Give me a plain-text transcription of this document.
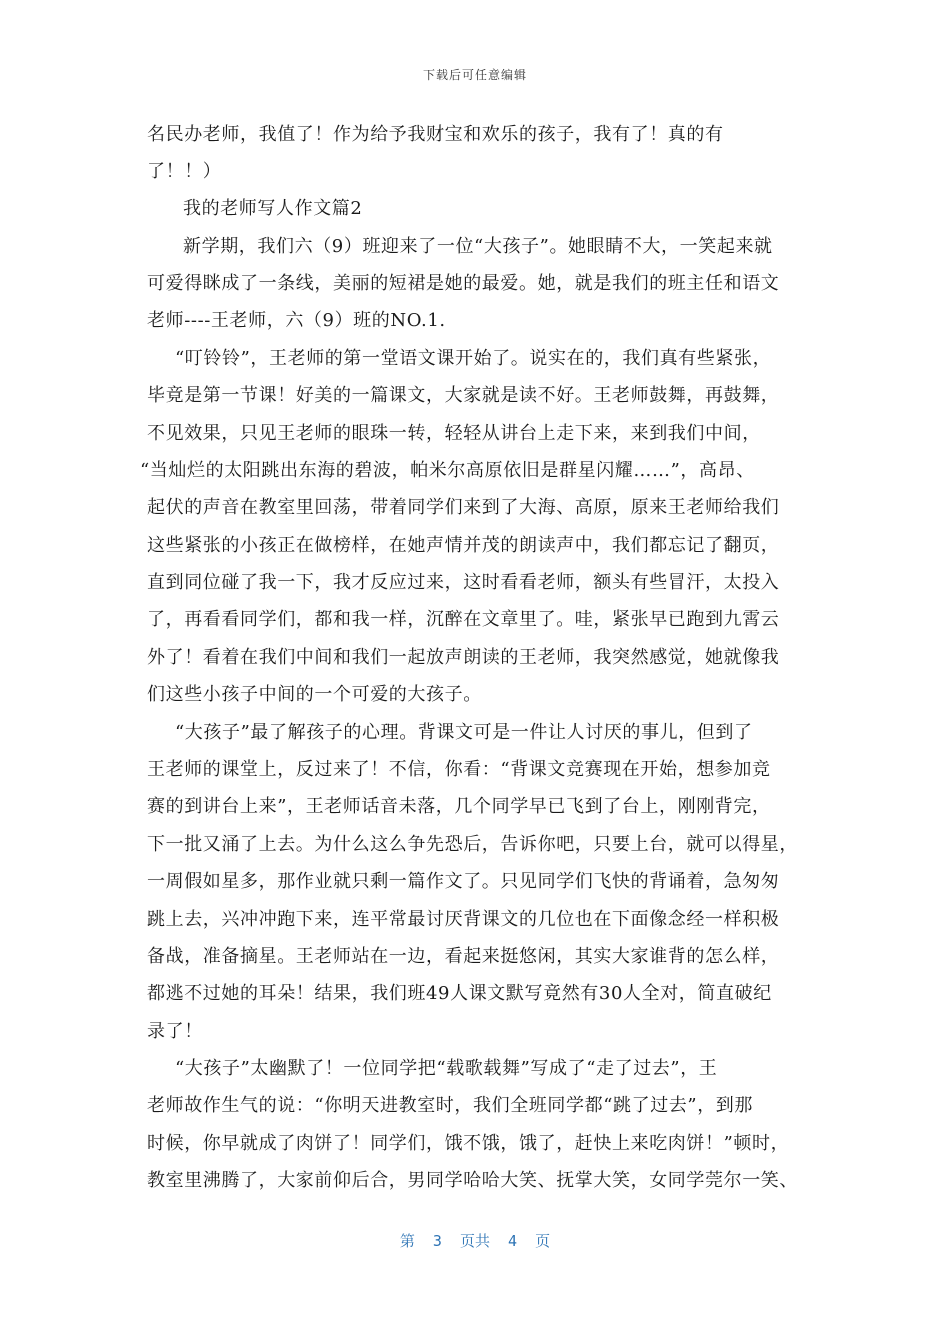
下载后可任意编辑
名民办老师，我值了！作为给予我财宝和欢乐的孩子，我有了！真的有
了！！）
我的老师写人作文篇2
新学期，我们六（9）班迎来了一位“大孩子”。她眼睛不大，一笑起来就
可爱得眯成了一条线，美丽的短裙是她的最爱。她，就是我们的班主任和语文
老师----王老师，六（9）班的NO.1.
“叮铃铃”，王老师的第一堂语文课开始了。说实在的，我们真有些紧张，
毕竟是第一节课！好美的一篇课文，大家就是读不好。王老师鼓舞，再鼓舞，
不见效果，只见王老师的眼珠一转，轻轻从讲台上走下来，来到我们中间，
“当灿烂的太阳跳出东海的碧波，帕米尔高原依旧是群星闪耀……”，高昂、
起伏的声音在教室里回荡，带着同学们来到了大海、高原，原来王老师给我们
这些紧张的小孩正在做榜样，在她声情并茂的朗读声中，我们都忘记了翻页，
直到同位碰了我一下，我才反应过来，这时看看老师，额头有些冒汗，太投入
了，再看看同学们，都和我一样，沉醉在文章里了。哇，紧张早已跑到九霄云
外了！看着在我们中间和我们一起放声朗读的王老师，我突然感觉，她就像我
们这些小孩子中间的一个可爱的大孩子。
“大孩子”最了解孩子的心理。背课文可是一件让人讨厌的事儿，但到了
王老师的课堂上，反过来了！不信，你看：“背课文竞赛现在开始，想参加竞
赛的到讲台上来”，王老师话音未落，几个同学早已飞到了台上，刚刚背完，
下一批又涌了上去。为什么这么争先恐后，告诉你吧，只要上台，就可以得星，
一周假如星多，那作业就只剩一篇作文了。只见同学们飞快的背诵着，急匆匆
跳上去，兴冲冲跑下来，连平常最讨厌背课文的几位也在下面像念经一样积极
备战，准备摘星。王老师站在一边，看起来挺悠闲，其实大家谁背的怎么样，
都逃不过她的耳朵！结果，我们班49人课文默写竟然有30人全对，简直破纪
录了！
“大孩子”太幽默了！一位同学把“载歌载舞”写成了“走了过去”，王
老师故作生气的说：“你明天进教室时，我们全班同学都“跳了过去”，到那
时候，你早就成了肉饼了！同学们，饿不饿，饿了，赶快上来吃肉饼！”顿时，
教室里沸腾了，大家前仰后合，男同学哈哈大笑、抚掌大笑，女同学莞尔一笑、
第  3  页共  4  页
